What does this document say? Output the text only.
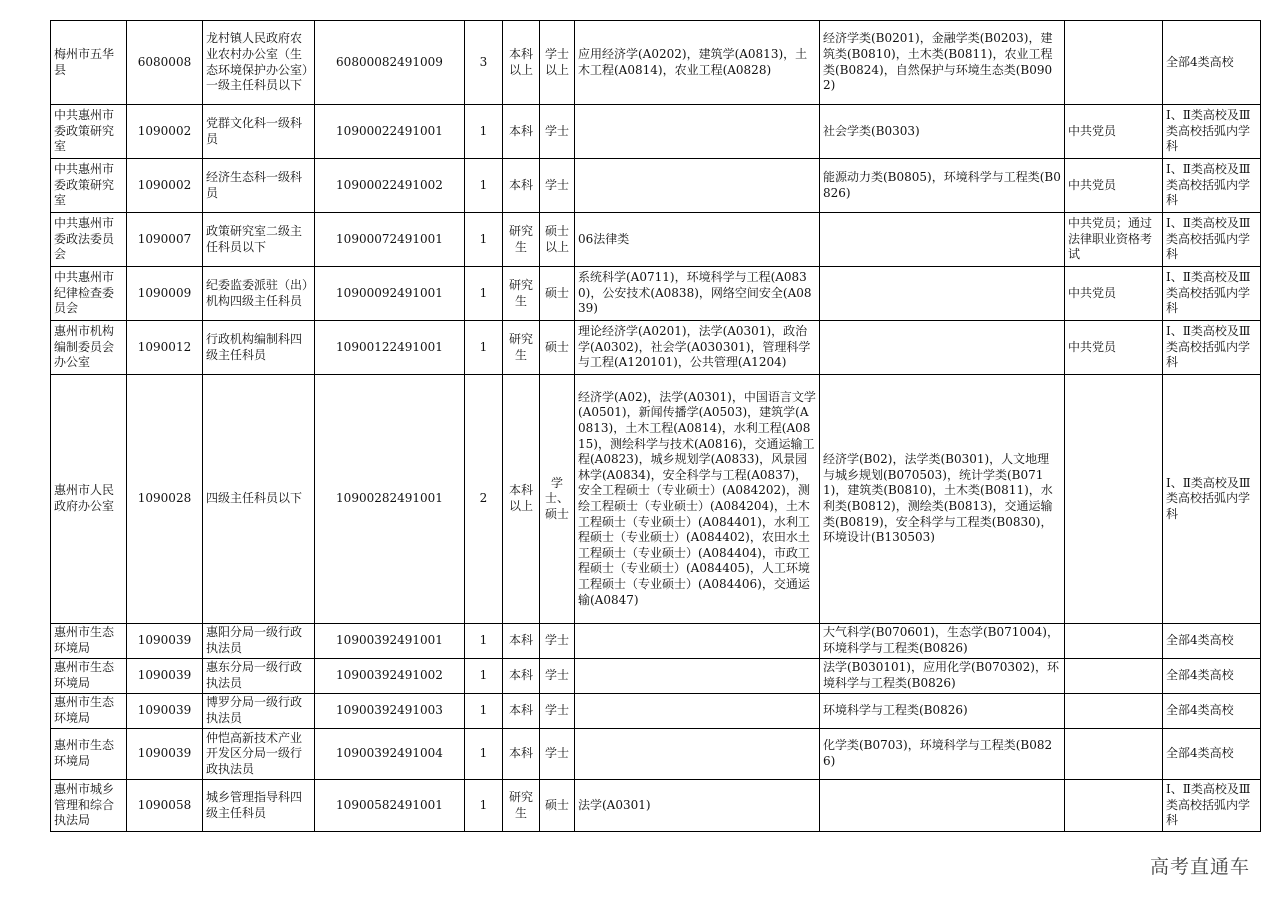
梅州市五华县	6080008	龙村镇人民政府农业农村办公室（生态环境保护办公室）一级主任科员以下	60800082491009	3	本科以上	学士以上	应用经济学(A0202)，建筑学(A0813)，土木工程(A0814)，农业工程(A0828)	经济学类(B0201)，金融学类(B0203)，建筑类(B0810)，土木类(B0811)，农业工程类(B0824)，自然保护与环境生态类(B0902)		全部4类高校
中共惠州市委政策研究室	1090002	党群文化科一级科员	10900022491001	1	本科	学士		社会学类(B0303)	中共党员	Ⅰ、Ⅱ类高校及Ⅲ类高校括弧内学科
中共惠州市委政策研究室	1090002	经济生态科一级科员	10900022491002	1	本科	学士		能源动力类(B0805)，环境科学与工程类(B0826)	中共党员	Ⅰ、Ⅱ类高校及Ⅲ类高校括弧内学科
中共惠州市委政法委员会	1090007	政策研究室二级主任科员以下	10900072491001	1	研究生	硕士以上	06法律类		中共党员；通过法律职业资格考试	Ⅰ、Ⅱ类高校及Ⅲ类高校括弧内学科
中共惠州市纪律检查委员会	1090009	纪委监委派驻（出）机构四级主任科员	10900092491001	1	研究生	硕士	系统科学(A0711)，环境科学与工程(A0830)，公安技术(A0838)，网络空间安全(A0839)		中共党员	Ⅰ、Ⅱ类高校及Ⅲ类高校括弧内学科
惠州市机构编制委员会办公室	1090012	行政机构编制科四级主任科员	10900122491001	1	研究生	硕士	理论经济学(A0201)，法学(A0301)，政治学(A0302)，社会学(A030301)，管理科学与工程(A120101)，公共管理(A1204)		中共党员	Ⅰ、Ⅱ类高校及Ⅲ类高校括弧内学科
惠州市人民政府办公室	1090028	四级主任科员以下	10900282491001	2	本科以上	学士、硕士	经济学(A02)，法学(A0301)，中国语言文学(A0501)，新闻传播学(A0503)，建筑学(A0813)，土木工程(A0814)，水利工程(A0815)，测绘科学与技术(A0816)，交通运输工程(A0823)，城乡规划学(A0833)，风景园林学(A0834)，安全科学与工程(A0837)，安全工程硕士（专业硕士）(A084202)，测绘工程硕士（专业硕士）(A084204)，土木工程硕士（专业硕士）(A084401)，水利工程硕士（专业硕士）(A084402)，农田水土工程硕士（专业硕士）(A084404)，市政工程硕士（专业硕士）(A084405)，人工环境工程硕士（专业硕士）(A084406)，交通运输(A0847)	经济学(B02)，法学类(B0301)，人文地理与城乡规划(B070503)，统计学类(B0711)，建筑类(B0810)，土木类(B0811)，水利类(B0812)，测绘类(B0813)，交通运输类(B0819)，安全科学与工程类(B0830)，环境设计(B130503)		Ⅰ、Ⅱ类高校及Ⅲ类高校括弧内学科
惠州市生态环境局	1090039	惠阳分局一级行政执法员	10900392491001	1	本科	学士		大气科学(B070601)，生态学(B071004)，环境科学与工程类(B0826)		全部4类高校
惠州市生态环境局	1090039	惠东分局一级行政执法员	10900392491002	1	本科	学士		法学(B030101)，应用化学(B070302)，环境科学与工程类(B0826)		全部4类高校
惠州市生态环境局	1090039	博罗分局一级行政执法员	10900392491003	1	本科	学士		环境科学与工程类(B0826)		全部4类高校
惠州市生态环境局	1090039	仲恺高新技术产业开发区分局一级行政执法员	10900392491004	1	本科	学士		化学类(B0703)，环境科学与工程类(B0826)		全部4类高校
惠州市城乡管理和综合执法局	1090058	城乡管理指导科四级主任科员	10900582491001	1	研究生	硕士	法学(A0301)			Ⅰ、Ⅱ类高校及Ⅲ类高校括弧内学科
高考直通车
